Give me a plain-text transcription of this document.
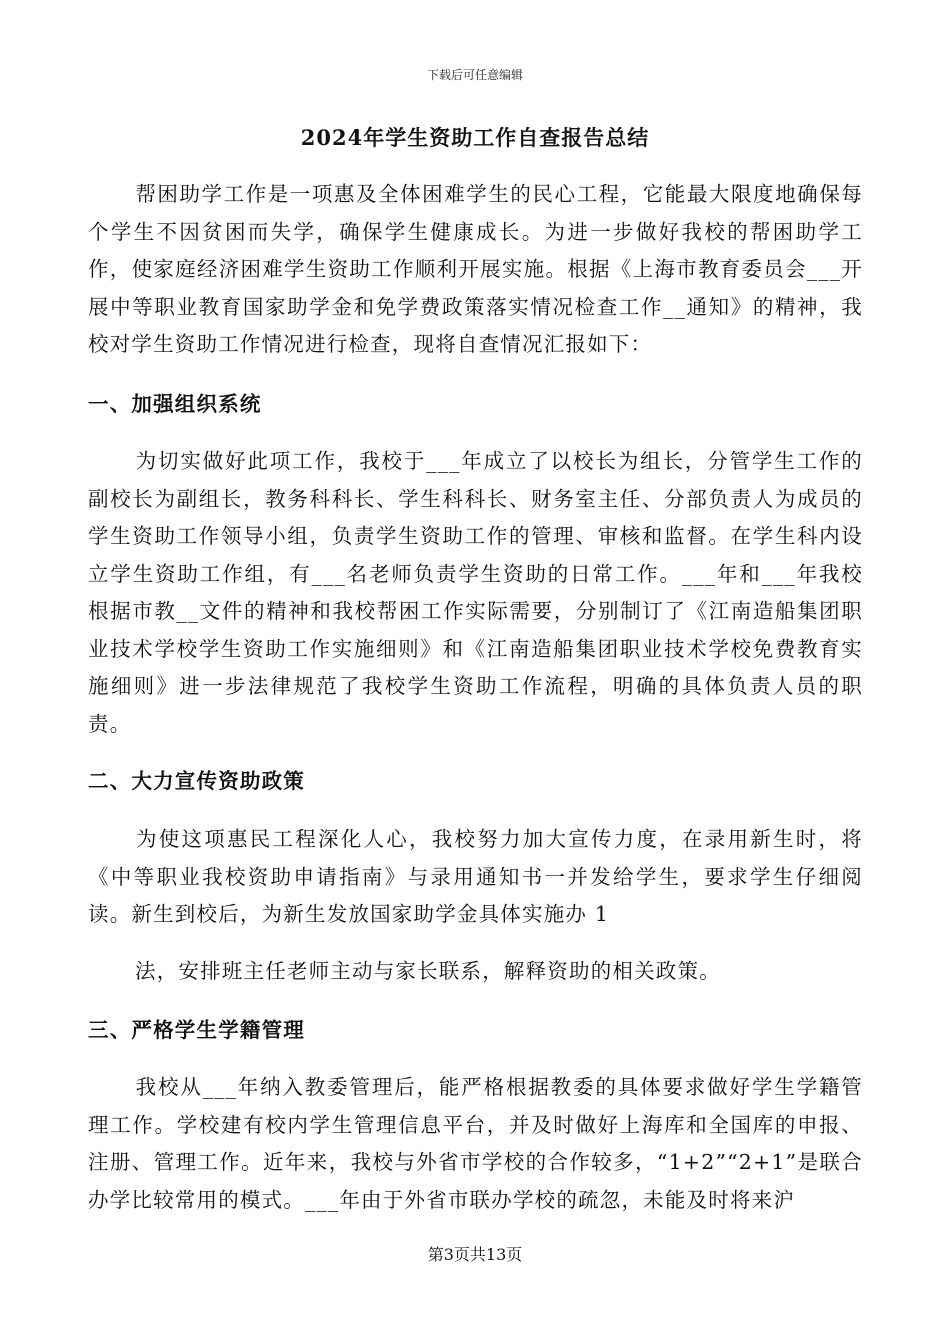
下载后可任意编辑
2024年学生资助工作自查报告总结
帮困助学工作是一项惠及全体困难学生的民心工程，它能最大限度地确保每个学生不因贫困而失学，确保学生健康成长。为进一步做好我校的帮困助学工作，使家庭经济困难学生资助工作顺利开展实施。根据《上海市教育委员会___开展中等职业教育国家助学金和免学费政策落实情况检查工作__通知》的精神，我校对学生资助工作情况进行检查，现将自查情况汇报如下：
一、加强组织系统
为切实做好此项工作，我校于___年成立了以校长为组长，分管学生工作的副校长为副组长，教务科科长、学生科科长、财务室主任、分部负责人为成员的学生资助工作领导小组，负责学生资助工作的管理、审核和监督。在学生科内设立学生资助工作组，有___名老师负责学生资助的日常工作。___年和___年我校根据市教__文件的精神和我校帮困工作实际需要，分别制订了《江南造船集团职业技术学校学生资助工作实施细则》和《江南造船集团职业技术学校免费教育实施细则》进一步法律规范了我校学生资助工作流程，明确的具体负责人员的职责。
二、大力宣传资助政策
为使这项惠民工程深化人心，我校努力加大宣传力度，在录用新生时，将《中等职业我校资助申请指南》与录用通知书一并发给学生，要求学生仔细阅读。新生到校后，为新生发放国家助学金具体实施办 1
法，安排班主任老师主动与家长联系，解释资助的相关政策。
三、严格学生学籍管理
我校从___年纳入教委管理后，能严格根据教委的具体要求做好学生学籍管理工作。学校建有校内学生管理信息平台，并及时做好上海库和全国库的申报、注册、管理工作。近年来，我校与外省市学校的合作较多，“1+2”“2+1”是联合办学比较常用的模式。___年由于外省市联办学校的疏忽，未能及时将来沪
第3页共13页
